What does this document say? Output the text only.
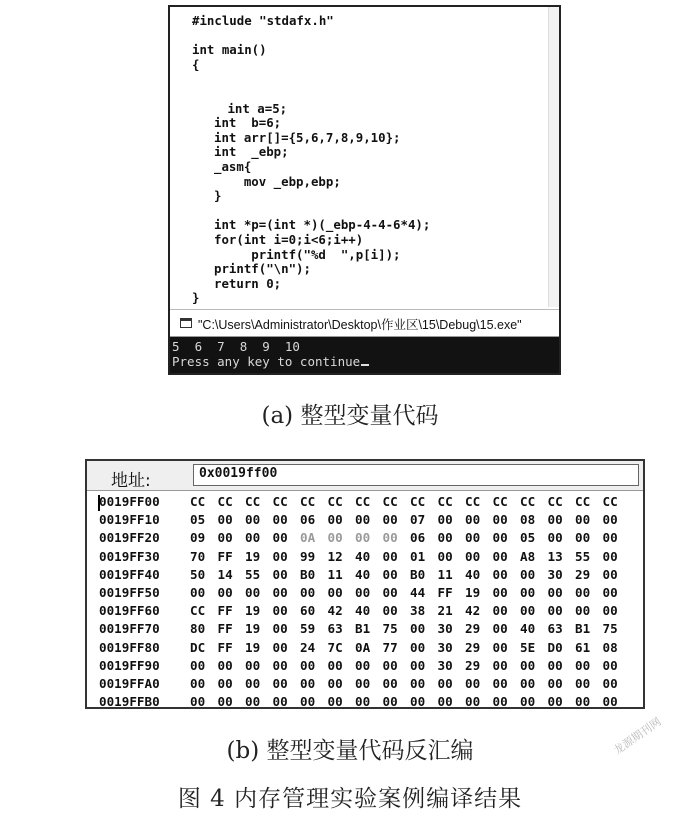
#include "stdafx.h"
int main()
{
int a=5;
int  b=6;
int arr[]={5,6,7,8,9,10};
int  _ebp;
_asm{
mov _ebp,ebp;
}
int *p=(int *)(_ebp-4-4-6*4);
for(int i=0;i<6;i++)
printf("%d  ",p[i]);
printf("\n");
return 0;
}
"C:\Users\Administrator\Desktop\作业区\15\Debug\15.exe"
5  6  7  8  9  10
Press any key to continue
(a) 整型变量代码
地址:	0x0019ff00
0019FF00 CC CC CC CC CC CC CC CC CC CC CC CC CC CC CC CC
0019FF10 05 00 00 00 06 00 00 00 07 00 00 00 08 00 00 00
0019FF20 09 00 00 00 0A 00 00 00 06 00 00 00 05 00 00 00
0019FF30 70 FF 19 00 99 12 40 00 01 00 00 00 A8 13 55 00
0019FF40 50 14 55 00 B0 11 40 00 B0 11 40 00 00 30 29 00
0019FF50 00 00 00 00 00 00 00 00 44 FF 19 00 00 00 00 00
0019FF60 CC FF 19 00 60 42 40 00 38 21 42 00 00 00 00 00
0019FF70 80 FF 19 00 59 63 B1 75 00 30 29 00 40 63 B1 75
0019FF80 DC FF 19 00 24 7C 0A 77 00 30 29 00 5E D0 61 08
0019FF90 00 00 00 00 00 00 00 00 00 30 29 00 00 00 00 00
0019FFA0 00 00 00 00 00 00 00 00 00 00 00 00 00 00 00 00
0019FFB0 00 00 00 00 00 00 00 00 00 00 00 00 00 00 00 00
(b) 整型变量代码反汇编
图 4 内存管理实验案例编译结果
龙源期刊网
